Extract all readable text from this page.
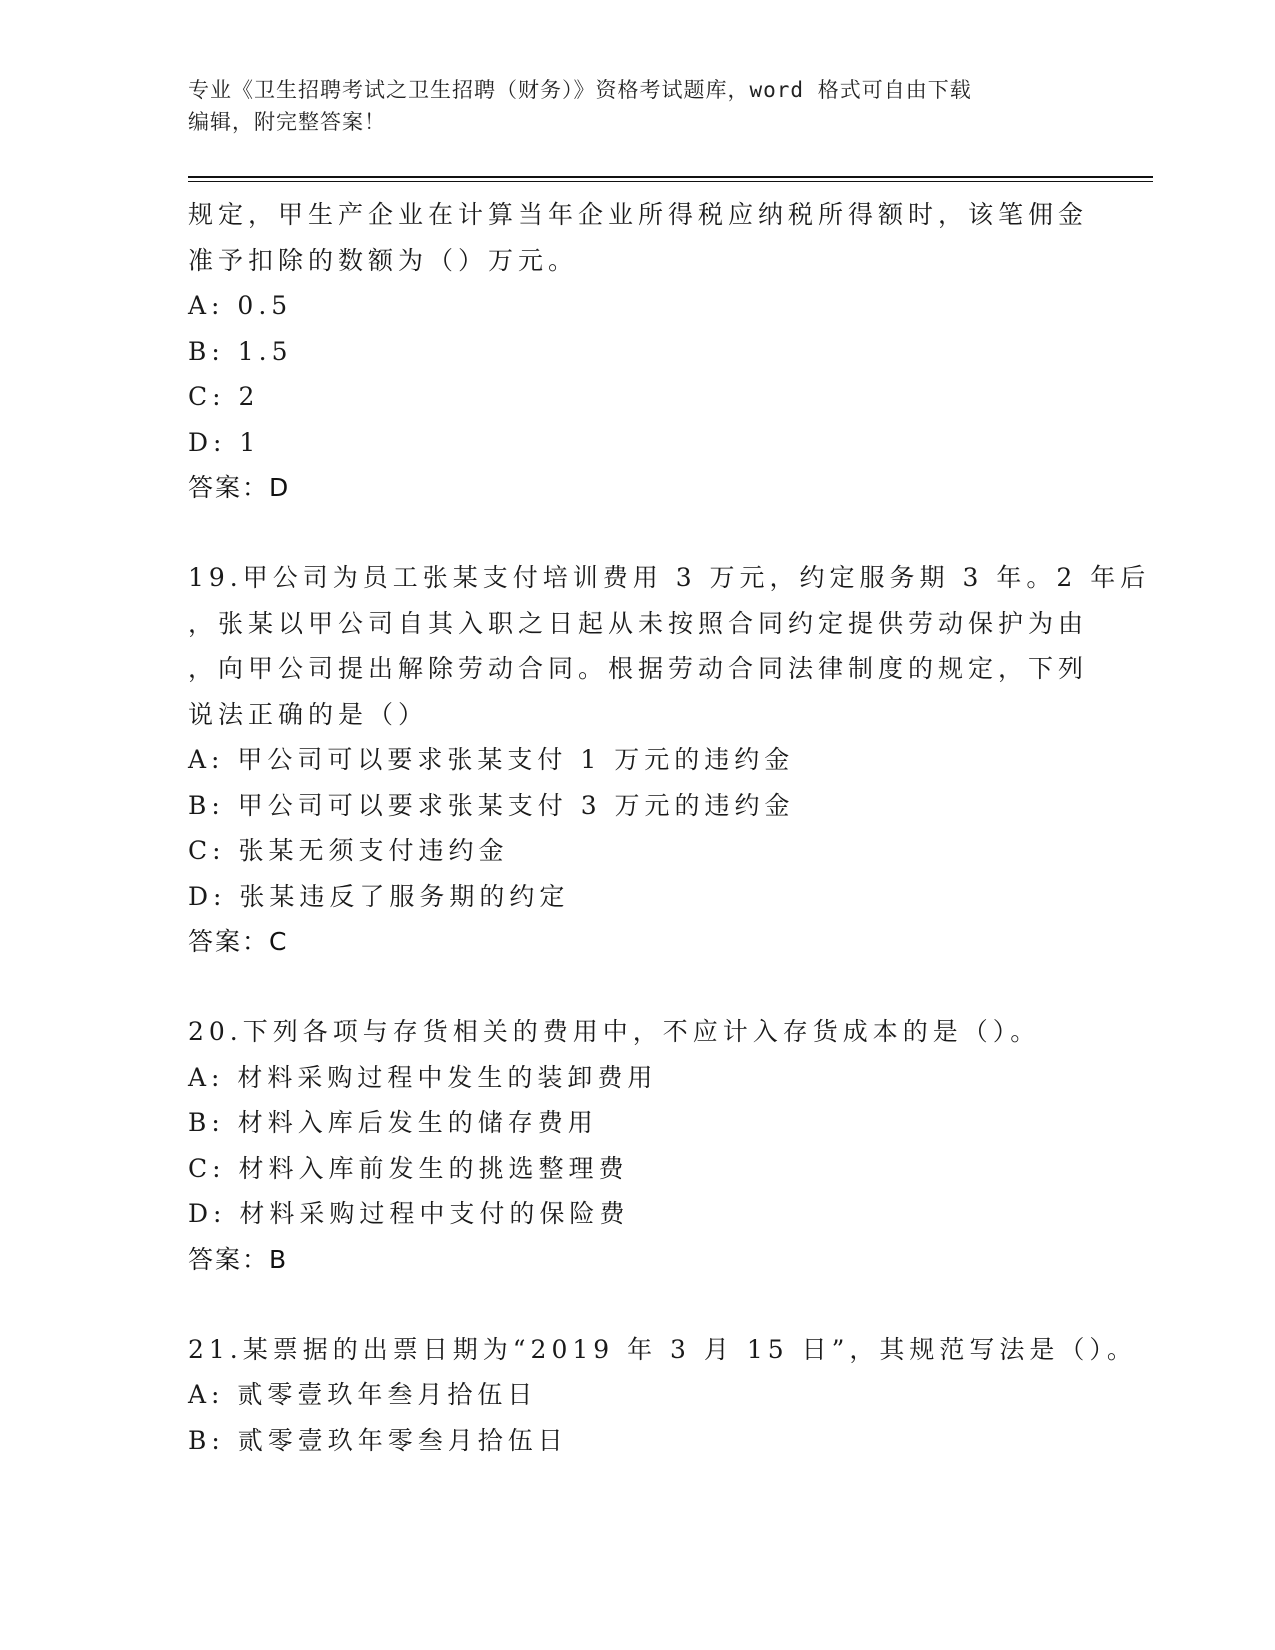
专业《卫生招聘考试之卫生招聘（财务）》资格考试题库，word 格式可自由下载
编辑，附完整答案！
规定，甲生产企业在计算当年企业所得税应纳税所得额时，该笔佣金
准予扣除的数额为（）万元。
A: 0.5
B: 1.5
C: 2
D: 1
答案：D
19.甲公司为员工张某支付培训费用 3 万元，约定服务期 3 年。2 年后
，张某以甲公司自其入职之日起从未按照合同约定提供劳动保护为由
，向甲公司提出解除劳动合同。根据劳动合同法律制度的规定，下列
说法正确的是（）
A: 甲公司可以要求张某支付 1 万元的违约金
B: 甲公司可以要求张某支付 3 万元的违约金
C: 张某无须支付违约金
D: 张某违反了服务期的约定
答案：C
20.下列各项与存货相关的费用中，不应计入存货成本的是（）。
A: 材料采购过程中发生的装卸费用
B: 材料入库后发生的储存费用
C: 材料入库前发生的挑选整理费
D: 材料采购过程中支付的保险费
答案：B
21.某票据的出票日期为“2019 年 3 月 15 日”，其规范写法是（）。
A: 贰零壹玖年叁月拾伍日
B: 贰零壹玖年零叁月拾伍日
